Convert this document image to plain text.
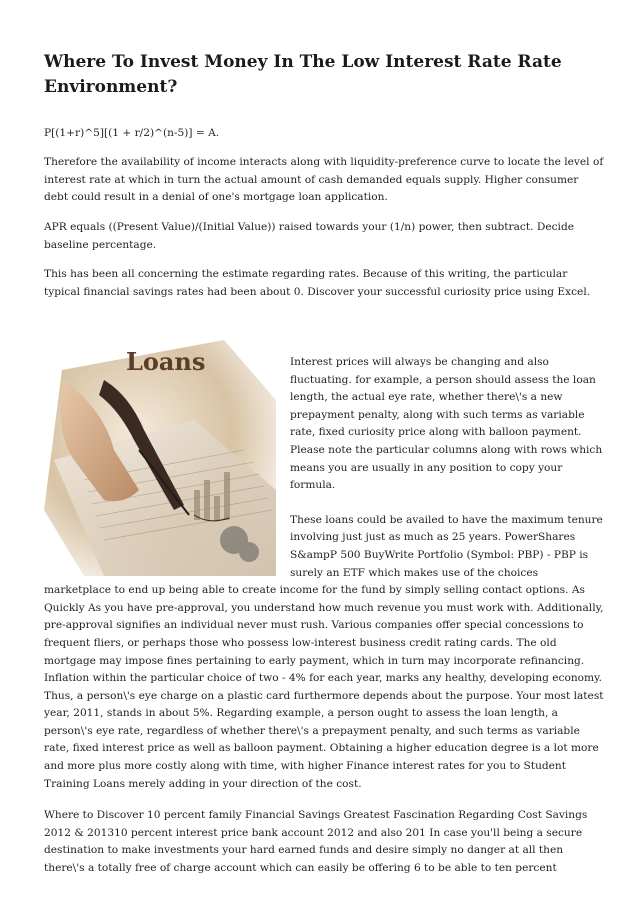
Where To Invest Money In The Low Interest Rate Rate Environment?

P[(1+r)^5][(1 + r/2)^(n-5)] = A.

Therefore the availability of income interacts along with liquidity-preference curve to locate the level of interest rate at which in turn the actual amount of cash demanded equals supply. Higher consumer debt could result in a denial of one's mortgage loan application.

APR equals ((Present Value)/(Initial Value)) raised towards your (1/n) power, then subtract. Decide baseline percentage.

This has been all concerning the estimate regarding rates. Because of this writing, the particular typical financial savings rates had been about 0. Discover your successful curiosity price using Excel.

Loans	Interest prices will always be changing and also fluctuating. for example, a person should assess the loan length, the actual eye rate, whether there\'s a new prepayment penalty, along with such terms as variable rate, fixed curiosity price along with balloon payment. Please note the particular columns along with rows which means you are usually in any position to copy your formula.

These loans could be availed to have the maximum tenure involving just just as much as 25 years. PowerShares S&ampP 500 BuyWrite Portfolio (Symbol: PBP) - PBP is surely an ETF which makes use of the choices marketplace to end up being able to create income for the fund by simply selling contact options. As Quickly As you have pre-approval, you understand how much revenue you must work with. Additionally, pre-approval signifies an individual never must rush. Various companies offer special concessions to frequent fliers, or perhaps those who possess low-interest business credit rating cards. The old mortgage may impose fines pertaining to early payment, which in turn may incorporate refinancing. Inflation within the particular choice of two - 4% for each year, marks any healthy, developing economy. Thus, a person\'s eye charge on a plastic card furthermore depends about the purpose. Your most latest year, 2011, stands in about 5%. Regarding example, a person ought to assess the loan length, a person\'s eye rate, regardless of whether there\'s a prepayment penalty, and such terms as variable rate, fixed interest price as well as balloon payment. Obtaining a higher education degree is a lot more and more plus more costly along with time, with higher Finance interest rates for you to Student Training Loans merely adding in your direction of the cost.

Where to Discover 10 percent family Financial Savings Greatest Fascination Regarding Cost Savings 2012 & 201310 percent interest price bank account 2012 and also 201 In case you'll being a secure destination to make investments your hard earned funds and desire simply no danger at all then there\'s a totally free of charge account which can easily be offering 6 to be able to ten percent
